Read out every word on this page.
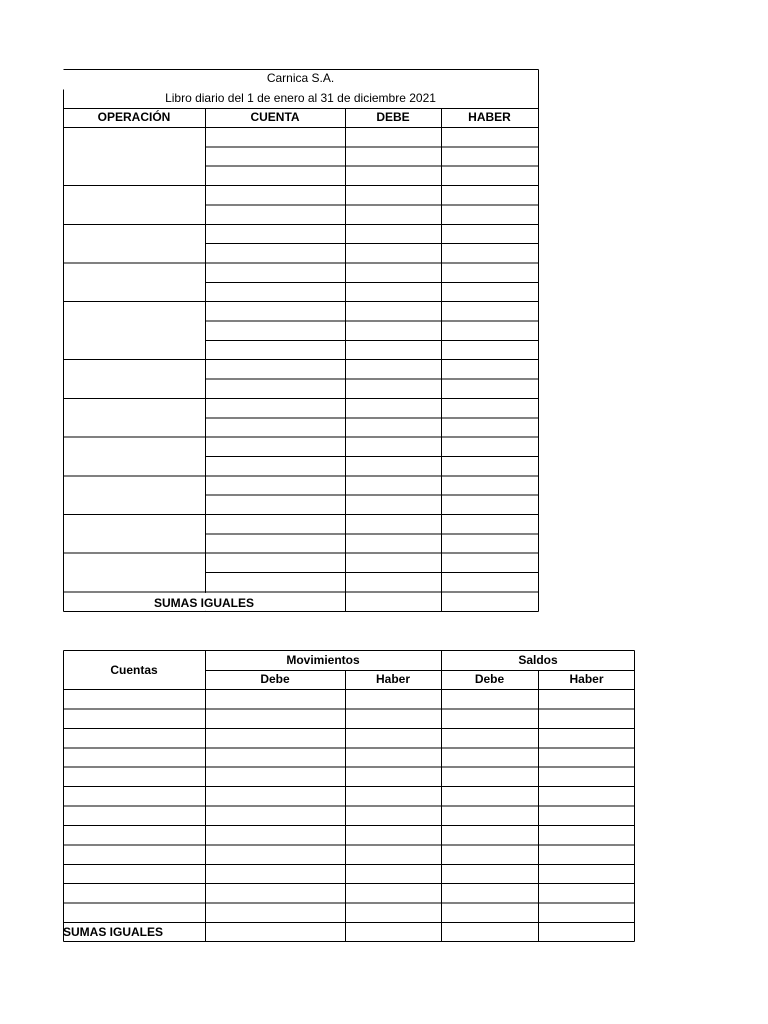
Carnica S.A.
Libro diario del 1 de enero al 31 de diciembre 2021
OPERACIÓN	CUENTA	DEBE	HABER
SUMAS IGUALES
Cuentas
Movimientos	Saldos
Debe	Haber	Debe	Haber
SUMAS IGUALES
